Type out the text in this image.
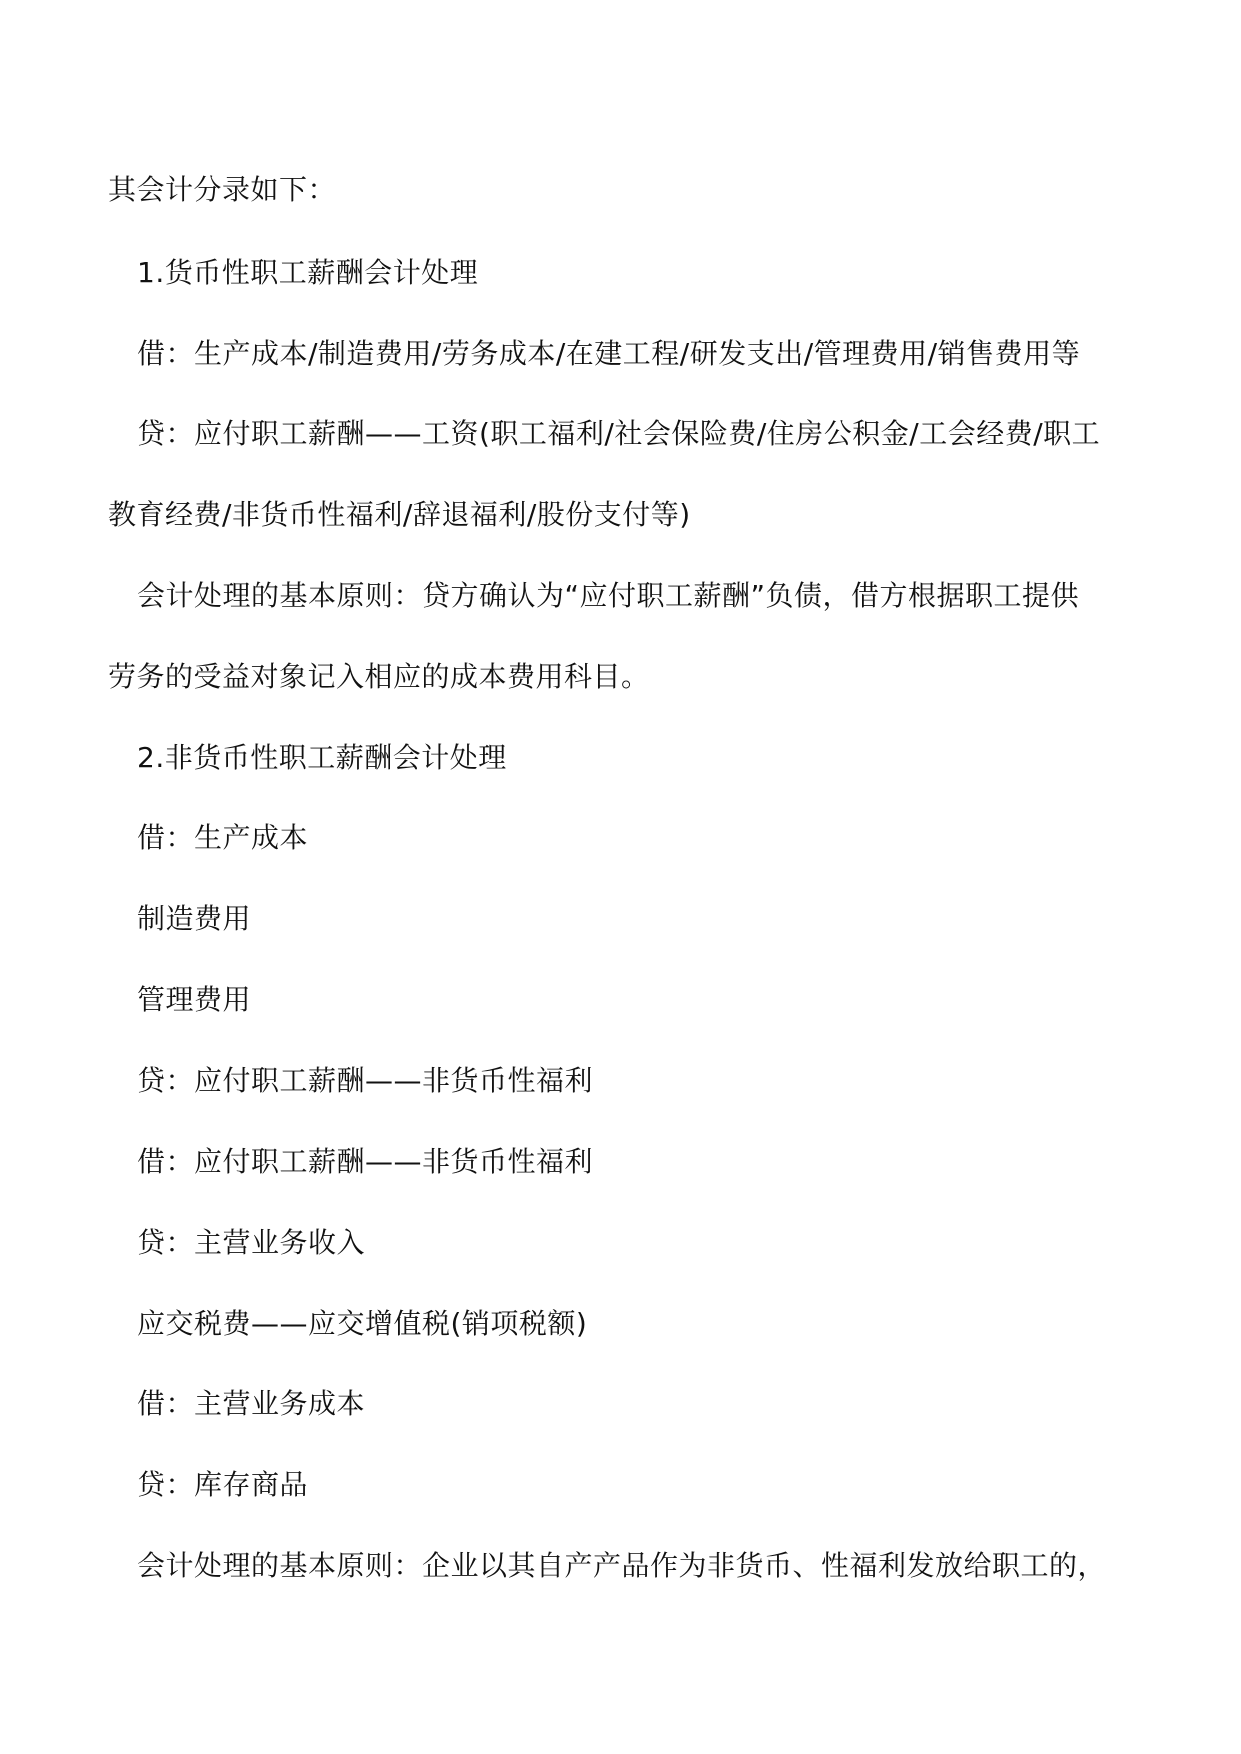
其会计分录如下：
1.货币性职工薪酬会计处理
借：生产成本/制造费用/劳务成本/在建工程/研发支出/管理费用/销售费用等
贷：应付职工薪酬——工资(职工福利/社会保险费/住房公积金/工会经费/职工
教育经费/非货币性福利/辞退福利/股份支付等)
会计处理的基本原则：贷方确认为“应付职工薪酬”负债，借方根据职工提供
劳务的受益对象记入相应的成本费用科目。
2.非货币性职工薪酬会计处理
借：生产成本
制造费用
管理费用
贷：应付职工薪酬——非货币性福利
借：应付职工薪酬——非货币性福利
贷：主营业务收入
应交税费——应交增值税(销项税额)
借：主营业务成本
贷：库存商品
会计处理的基本原则：企业以其自产产品作为非货币、性福利发放给职工的，
